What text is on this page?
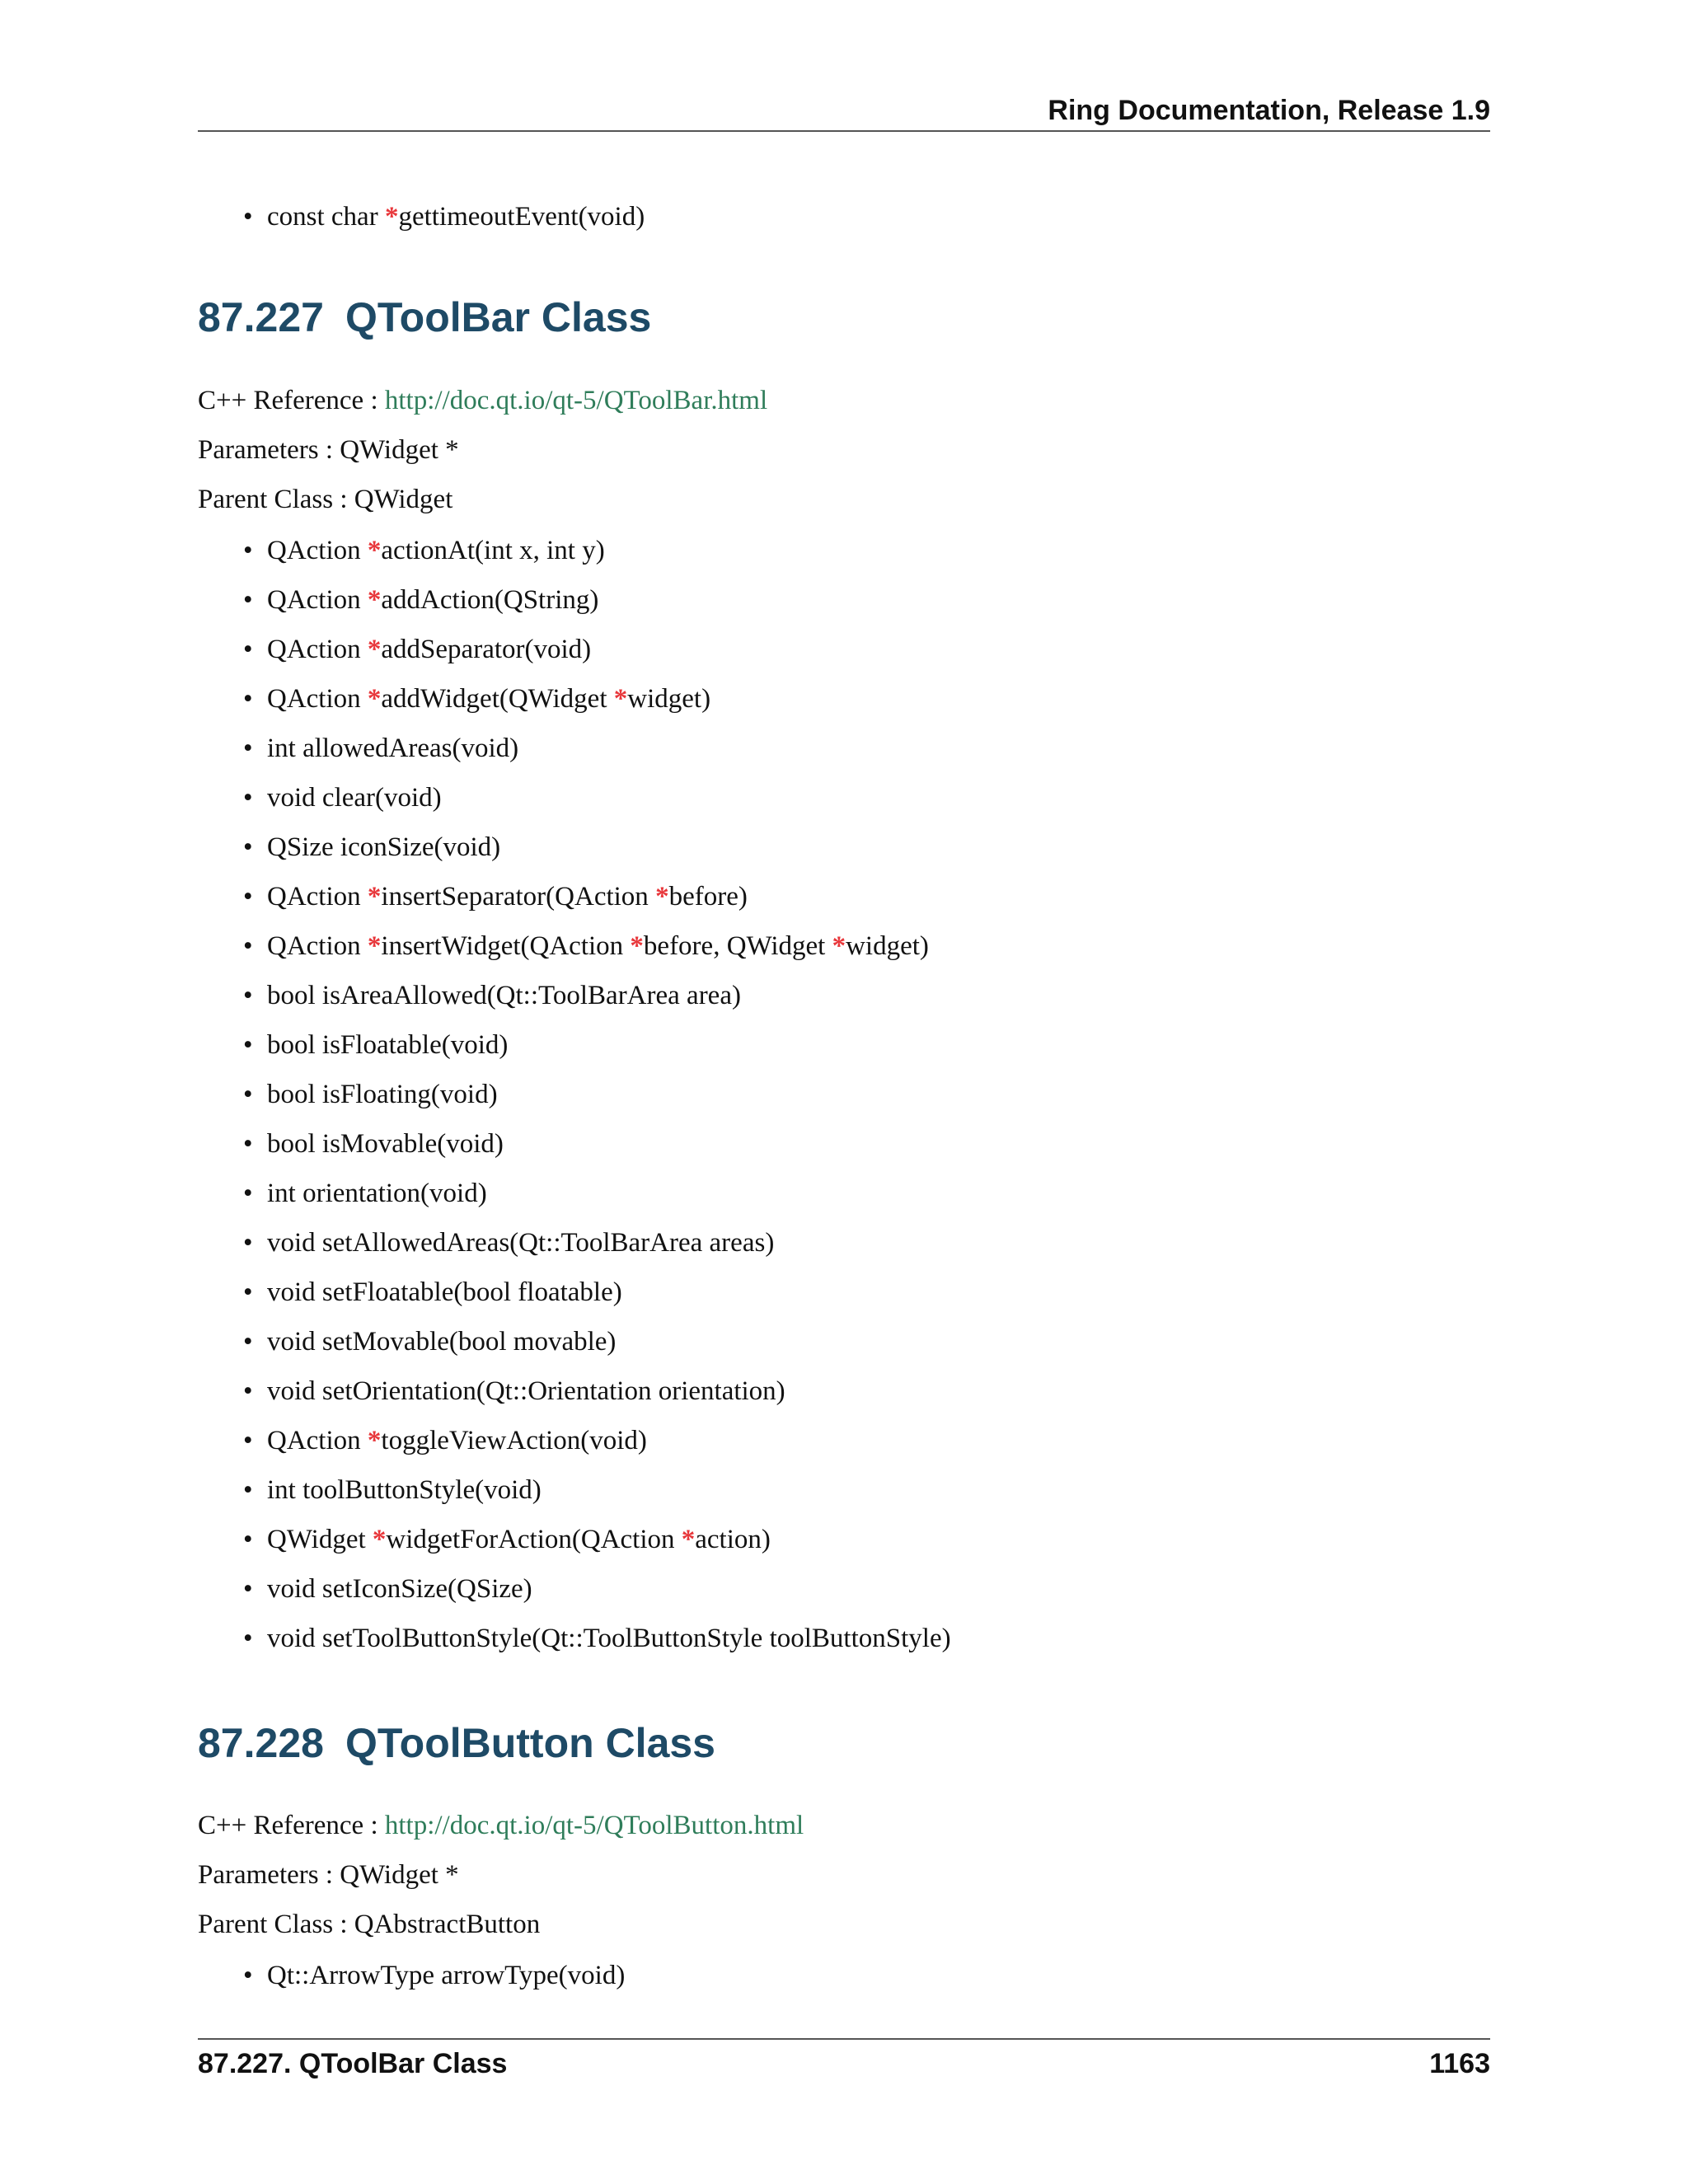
Ring Documentation, Release 1.9
• const char *gettimeoutEvent(void)
87.227 QToolBar Class
C++ Reference : http://doc.qt.io/qt-5/QToolBar.html
Parameters : QWidget *
Parent Class : QWidget
• QAction *actionAt(int x, int y)
• QAction *addAction(QString)
• QAction *addSeparator(void)
• QAction *addWidget(QWidget *widget)
• int allowedAreas(void)
• void clear(void)
• QSize iconSize(void)
• QAction *insertSeparator(QAction *before)
• QAction *insertWidget(QAction *before, QWidget *widget)
• bool isAreaAllowed(Qt::ToolBarArea area)
• bool isFloatable(void)
• bool isFloating(void)
• bool isMovable(void)
• int orientation(void)
• void setAllowedAreas(Qt::ToolBarArea areas)
• void setFloatable(bool floatable)
• void setMovable(bool movable)
• void setOrientation(Qt::Orientation orientation)
• QAction *toggleViewAction(void)
• int toolButtonStyle(void)
• QWidget *widgetForAction(QAction *action)
• void setIconSize(QSize)
• void setToolButtonStyle(Qt::ToolButtonStyle toolButtonStyle)
87.228 QToolButton Class
C++ Reference : http://doc.qt.io/qt-5/QToolButton.html
Parameters : QWidget *
Parent Class : QAbstractButton
• Qt::ArrowType arrowType(void)
87.227. QToolBar Class	1163
